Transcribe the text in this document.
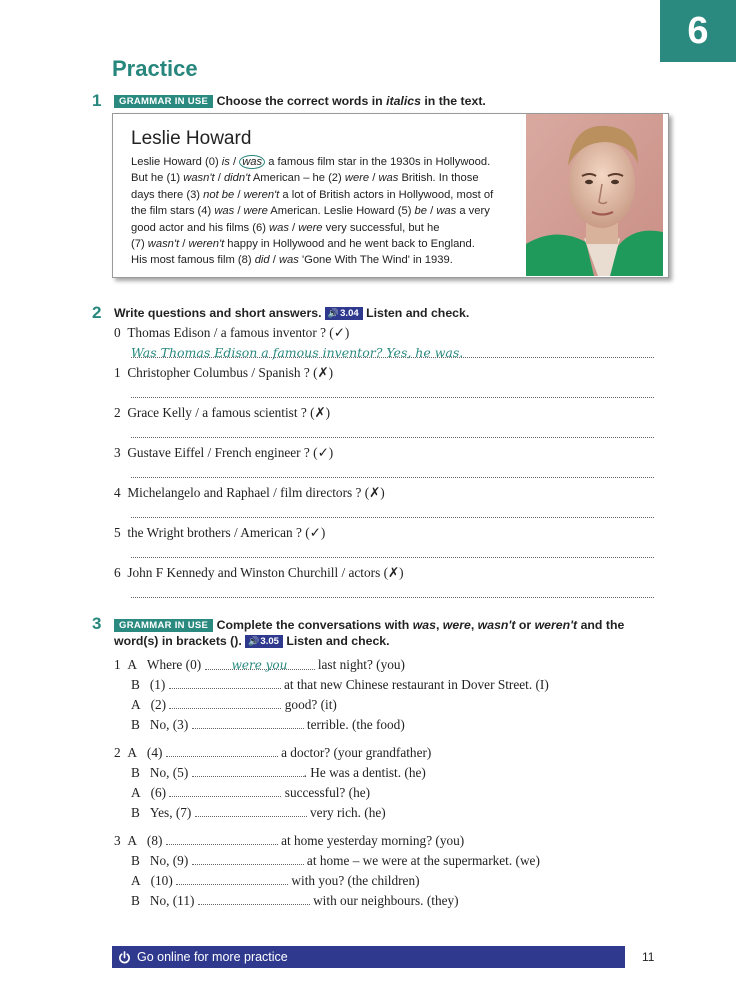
6
Practice
1	GRAMMAR IN USE Choose the correct words in italics in the text.
Leslie Howard

Leslie Howard (0) is / was a famous film star in the 1930s in Hollywood.

But he (1) wasn't / didn't American – he (2) were / was British. In those

days there (3) not be / weren't a lot of British actors in Hollywood, most of

the film stars (4) was / were American. Leslie Howard (5) be / was a very

good actor and his films (6) was / were very successful, but he

(7) wasn't / weren't happy in Hollywood and he went back to England.

His most famous film (8) did / was 'Gone With The Wind' in 1939.

2 Write questions and short answers. 🔊3.04 Listen and check.
0 Thomas Edison / a famous inventor ? (✓)
Was Thomas Edison a famous inventor? Yes, he was.
1 Christopher Columbus / Spanish ? (✗)
2 Grace Kelly / a famous scientist ? (✗)
3 Gustave Eiffel / French engineer ? (✓)
4 Michelangelo and Raphael / film directors ? (✗)
5 the Wright brothers / American ? (✓)
6 John F Kennedy and Winston Churchill / actors (✗)
3	GRAMMAR IN USE Complete the conversations with was, were, wasn't or weren't and the
word(s) in brackets (). 🔊3.05 Listen and check.
1 A Where (0)	were you last night? (you)
B (1)	at that new Chinese restaurant in Dover Street. (I)
A (2)	good? (it)
B No, (3)	terrible. (the food)
2 A (4)	a doctor? (your grandfather)
B No, (5)	. He was a dentist. (he)
A (6)	successful? (he)
B Yes, (7)	very rich. (he)
3 A (8)	at home yesterday morning? (you)
B No, (9)	at home – we were at the supermarket. (we)
A (10)	with you? (the children)
B No, (11)	with our neighbours. (they)
Go online for more practice	11
